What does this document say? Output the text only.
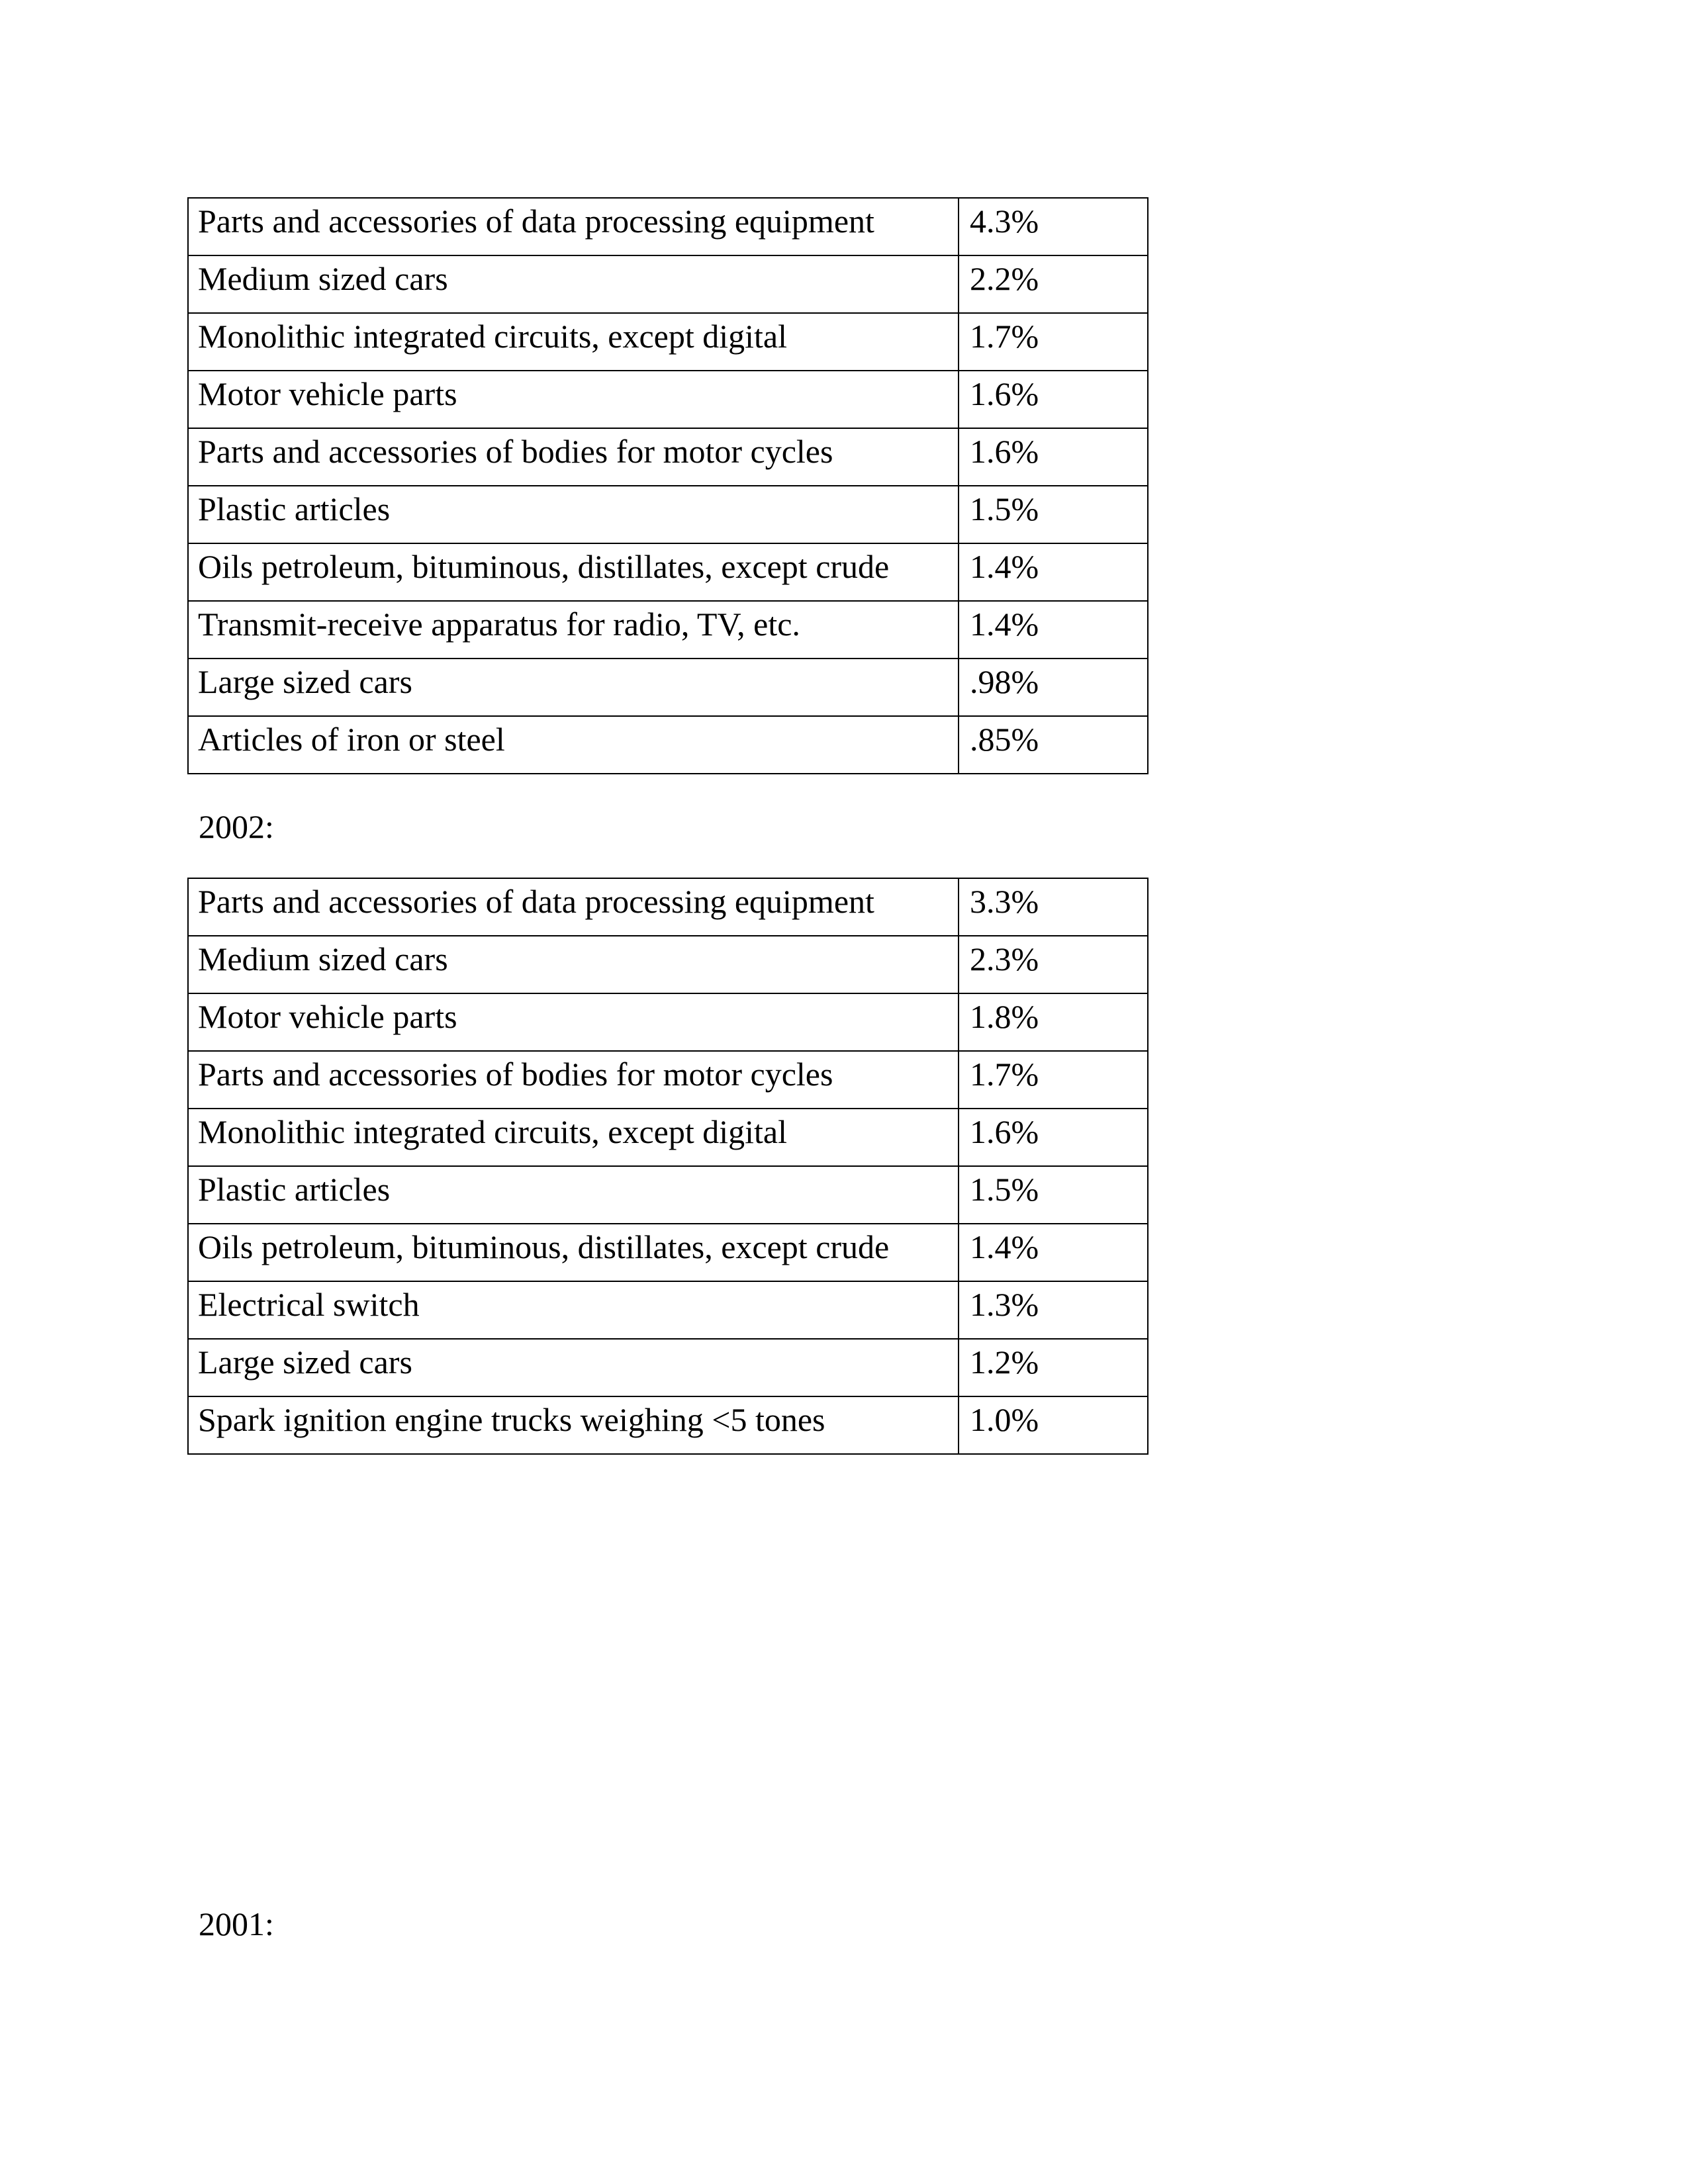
Parts and accessories of data processing equipment	4.3%
Medium sized cars	2.2%
Monolithic integrated circuits, except digital	1.7%
Motor vehicle parts	1.6%
Parts and accessories of bodies for motor cycles	1.6%
Plastic articles	1.5%
Oils petroleum, bituminous, distillates, except crude	1.4%
Transmit-receive apparatus for radio, TV, etc.	1.4%
Large sized cars	.98%
Articles of iron or steel	.85%
2002:
Parts and accessories of data processing equipment	3.3%
Medium sized cars	2.3%
Motor vehicle parts	1.8%
Parts and accessories of bodies for motor cycles	1.7%
Monolithic integrated circuits, except digital	1.6%
Plastic articles	1.5%
Oils petroleum, bituminous, distillates, except crude	1.4%
Electrical switch	1.3%
Large sized cars	1.2%
Spark ignition engine trucks weighing <5 tones	1.0%
2001:
